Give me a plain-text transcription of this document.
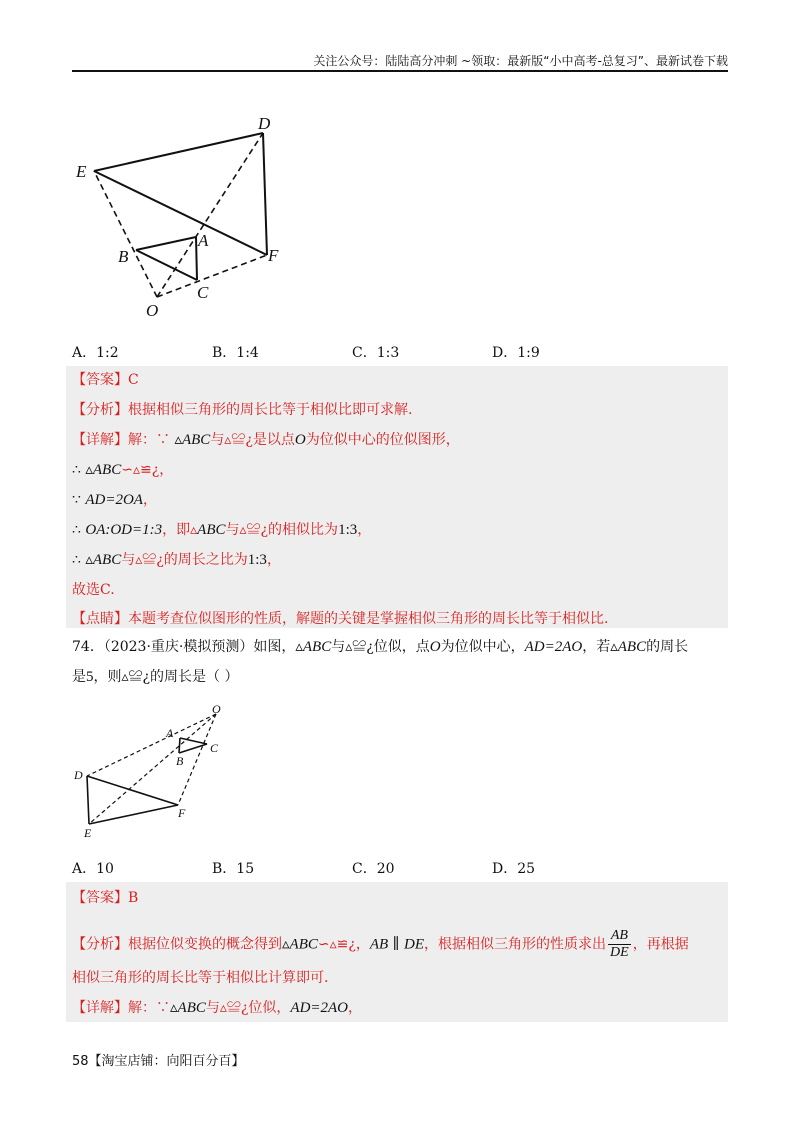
关注公众号：陆陆高分冲刺 ~领取：最新版“小中高考-总复习”、最新试卷下载
D
E
A
B	F
C
O
A．1:2	B．1:4	C．1:3	D．1:9
【答案】C
【分析】根据相似三角形的周长比等于相似比即可求解.
【详解】解：∵ ▵ABC与▵≌¿是以点O为位似中心的位似图形，
∴ ▵ABC∽▵≌¿，
∵ AD=2OA，
∴ OA:OD=1:3，即▵ABC与▵≌¿的相似比为1:3，
∴ ▵ABC与▵≌¿的周长之比为1:3，
故选C.
【点睛】本题考查位似图形的性质，解题的关键是掌握相似三角形的周长比等于相似比.
74．（2023·重庆·模拟预测）如图，▵ABC与▵≌¿位似，点O为位似中心，AD=2AO，若▵ABC的周长
是5，则▵≌¿的周长是（ ）
O
A
C
B
D
F
E
A．10	B．15	C．20	D．25
【答案】B
【分析】根据位似变换的概念得到▵ABC∽▵≌¿，AB ∥ DE，根据相似三角形的性质求出 $\frac{AB}{DE}$ ，再根据
相似三角形的周长比等于相似比计算即可.
【详解】解：∵▵ABC与▵≌¿位似，AD=2AO，
58【淘宝店铺：向阳百分百】
